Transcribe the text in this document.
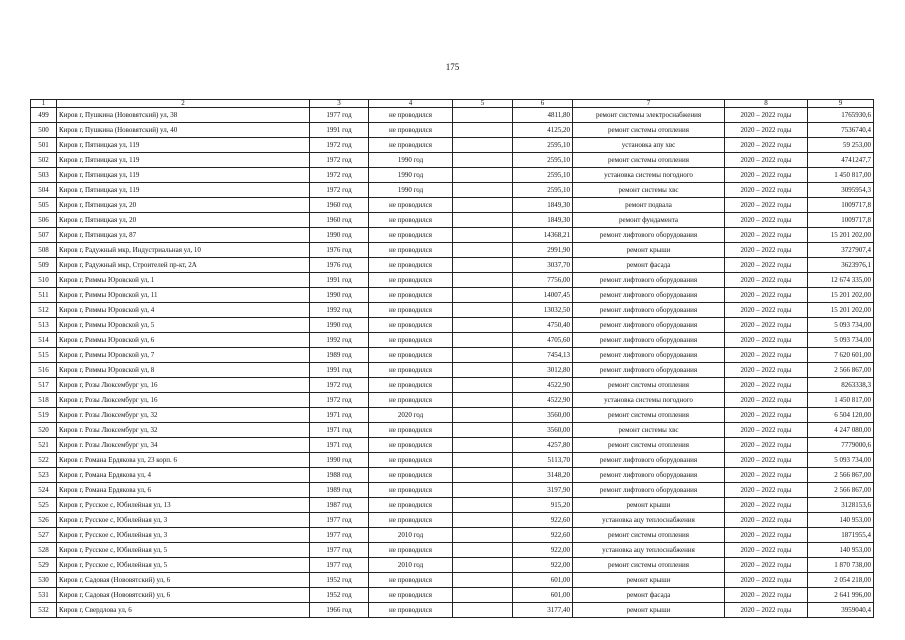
175
1	2	3	4	5	6	7	8	9
499	Киров г, Пушкина (Нововятский) ул, 38	1977 год	не проводился		4811,80	ремонт системы электроснабжения	2020 – 2022 годы	1765930,6
500	Киров г, Пушкина (Нововятский) ул, 40	1991 год	не проводился		4125,20	ремонт системы отопления	2020 – 2022 годы	7536740,4
501	Киров г, Пятницкая ул, 119	1972 год	не проводился		2595,10	установка апу хвс	2020 – 2022 годы	59 253,00
502	Киров г, Пятницкая ул, 119	1972 год	1990 год		2595,10	ремонт системы отопления	2020 – 2022 годы	4741247,7
503	Киров г, Пятницкая ул, 119	1972 год	1990 год		2595,10	установка системы погодного	2020 – 2022 годы	1 450 817,00
504	Киров г, Пятницкая ул, 119	1972 год	1990 год		2595,10	ремонт системы хвс	2020 – 2022 годы	3095954,3
505	Киров г, Пятницкая ул, 20	1960 год	не проводился		1849,30	ремонт подвала	2020 – 2022 годы	1009717,8
506	Киров г, Пятницкая ул, 20	1960 год	не проводился		1849,30	ремонт фундамента	2020 – 2022 годы	1009717,8
507	Киров г, Пятницкая ул, 87	1990 год	не проводился		14368,21	ремонт лифтового оборудования	2020 – 2022 годы	15 201 202,00
508	Киров г, Радужный мкр, Индустриальная ул, 10	1976 год	не проводился		2991,90	ремонт крыши	2020 – 2022 годы	3727907,4
509	Киров г, Радужный мкр, Строителей пр-кт, 2А	1976 год	не проводился		3037,70	ремонт фасада	2020 – 2022 годы	3623976,1
510	Киров г, Риммы Юровской ул, 1	1991 год	не проводился		7756,00	ремонт лифтового оборудования	2020 – 2022 годы	12 674 335,00
511	Киров г, Риммы Юровской ул, 11	1990 год	не проводился		14007,45	ремонт лифтового оборудования	2020 – 2022 годы	15 201 202,00
512	Киров г, Риммы Юровской ул, 4	1992 год	не проводился		13032,50	ремонт лифтового оборудования	2020 – 2022 годы	15 201 202,00
513	Киров г, Риммы Юровской ул, 5	1990 год	не проводился		4750,40	ремонт лифтового оборудования	2020 – 2022 годы	5 093 734,00
514	Киров г, Риммы Юровской ул, 6	1992 год	не проводился		4705,60	ремонт лифтового оборудования	2020 – 2022 годы	5 093 734,00
515	Киров г, Риммы Юровской ул, 7	1989 год	не проводился		7454,13	ремонт лифтового оборудования	2020 – 2022 годы	7 620 601,00
516	Киров г, Риммы Юровской ул, 8	1991 год	не проводился		3012,80	ремонт лифтового оборудования	2020 – 2022 годы	2 566 867,00
517	Киров г, Розы Люксембург ул, 16	1972 год	не проводился		4522,90	ремонт системы отопления	2020 – 2022 годы	8263338,3
518	Киров г, Розы Люксембург ул, 16	1972 год	не проводился		4522,90	установка системы погодного	2020 – 2022 годы	1 450 817,00
519	Киров г. Розы Люксембург ул, 32	1971 год	2020 год		3560,00	ремонт системы отопления	2020 – 2022 годы	6 504 120,00
520	Киров г. Розы Люксембург ул, 32	1971 год	не проводился		3560,00	ремонт системы хвс	2020 – 2022 годы	4 247 080,00
521	Киров г. Розы Люксембург ул, 34	1971 год	не проводился		4257,80	ремонт системы отопления	2020 – 2022 годы	7779000,6
522	Киров г. Романа Ердякова ул, 23 корп. 6	1990 год	не проводился		5113,70	ремонт лифтового оборудования	2020 – 2022 годы	5 093 734,00
523	Киров г, Романа Ердякова ул, 4	1988 год	не проводился		3148,20	ремонт лифтового оборудования	2020 – 2022 годы	2 566 867,00
524	Киров г, Романа Ердякова ул, 6	1989 год	не проводился		3197,90	ремонт лифтового оборудования	2020 – 2022 годы	2 566 867,00
525	Киров г, Русское с, Юбилейная ул, 13	1987 год	не проводился		915,20	ремонт крыши	2020 – 2022 годы	3128153,6
526	Киров г, Русское с, Юбилейная ул, 3	1977 год	не проводился		922,60	установка ацу теплоснабжения	2020 – 2022 годы	140 953,00
527	Киров г, Русское с, Юбилейная ул, 3	1977 год	2010 год		922,60	ремонт системы отопления	2020 – 2022 годы	1871955,4
528	Киров г, Русское с, Юбилейная ул, 5	1977 год	не проводился		922,00	установка ацу теплоснабжения	2020 – 2022 годы	140 953,00
529	Киров г, Русское с, Юбилейная ул, 5	1977 год	2010 год		922,00	ремонт системы отопления	2020 – 2022 годы	1 870 738,00
530	Киров г, Садовая (Нововятский) ул, 6	1952 год	не проводился		601,00	ремонт крыши	2020 – 2022 годы	2 054 218,00
531	Киров г, Садовая (Нововятский) ул, 6	1952 год	не проводился		601,00	ремонт фасада	2020 – 2022 годы	2 641 996,00
532	Киров г, Свердлова ул, 6	1966 год	не проводился		3177,40	ремонт крыши	2020 – 2022 годы	3959040,4
